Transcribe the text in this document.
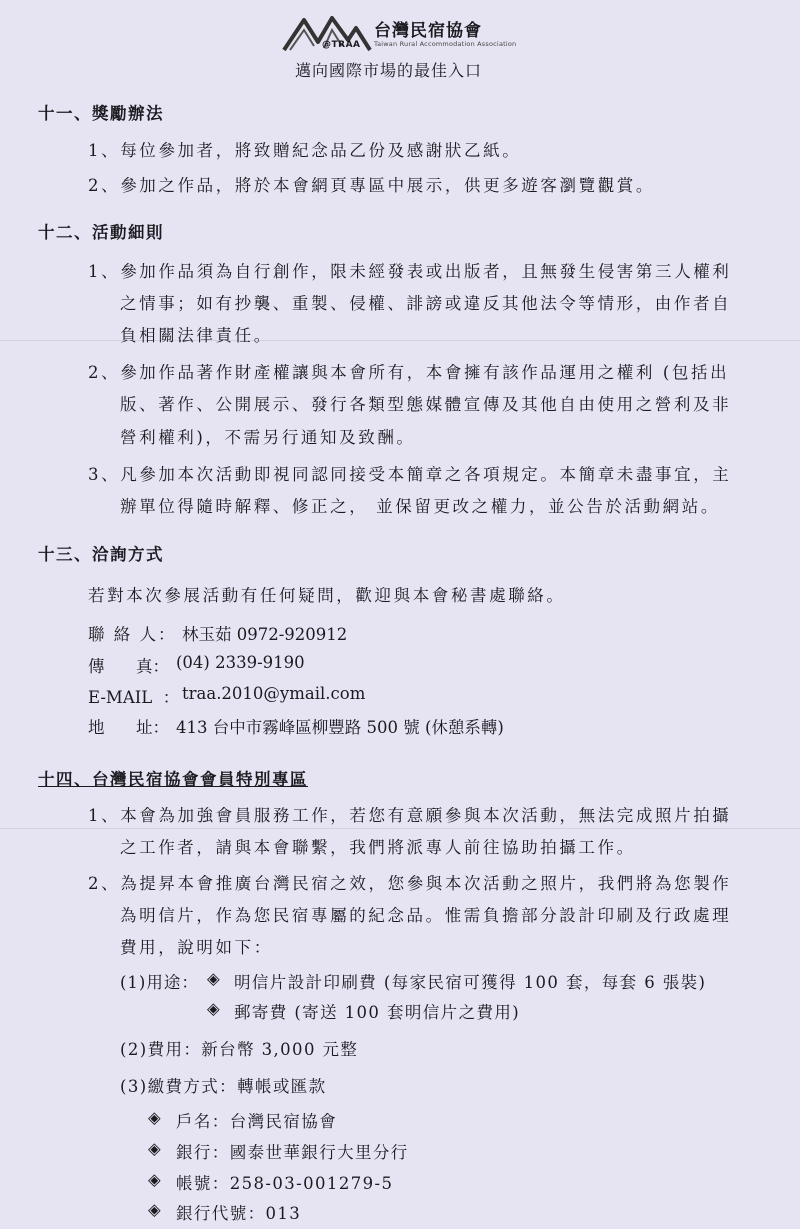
@TRAA
台灣民宿協會
Taiwan Rural Accommodation Association
邁向國際市場的最佳入口
十一、獎勵辦法
1、每位參加者，將致贈紀念品乙份及感謝狀乙紙。
2、參加之作品，將於本會網頁專區中展示，供更多遊客瀏覽觀賞。
十二、活動細則
1、參加作品須為自行創作，限未經發表或出版者，且無發生侵害第三人權利
之情事；如有抄襲、重製、侵權、誹謗或違反其他法令等情形，由作者自
負相關法律責任。
2、參加作品著作財產權讓與本會所有，本會擁有該作品運用之權利 (包括出
版、著作、公開展示、發行各類型態媒體宣傳及其他自由使用之營利及非
營利權利)，不需另行通知及致酬。
3、凡參加本次活動即視同認同接受本簡章之各項規定。本簡章未盡事宜，主
辦單位得隨時解釋、修正之， 並保留更改之權力，並公告於活動網站。
十三、洽詢方式
若對本次參展活動有任何疑問，歡迎與本會秘書處聯絡。
聯 絡 人： 林玉茹 0972-920912
傳      真： (04) 2339-9190
E-MAIL  ： traa.2010@ymail.com
地      址： 413 台中市霧峰區柳豐路 500 號 (休憩系轉)
十四、台灣民宿協會會員特別專區
1、本會為加強會員服務工作，若您有意願參與本次活動，無法完成照片拍攝
之工作者，請與本會聯繫，我們將派專人前往協助拍攝工作。
2、為提昇本會推廣台灣民宿之效，您參與本次活動之照片，我們將為您製作
為明信片，作為您民宿專屬的紀念品。惟需負擔部分設計印刷及行政處理
費用，說明如下：
(1)用途： ◈ 明信片設計印刷費 (每家民宿可獲得 100 套，每套 6 張裝)
◈ 郵寄費 (寄送 100 套明信片之費用)
(2)費用：新台幣 3,000 元整
(3)繳費方式：轉帳或匯款
◈ 戶名：台灣民宿協會
◈ 銀行：國泰世華銀行大里分行
◈ 帳號：258-03-001279-5
◈ 銀行代號：013
